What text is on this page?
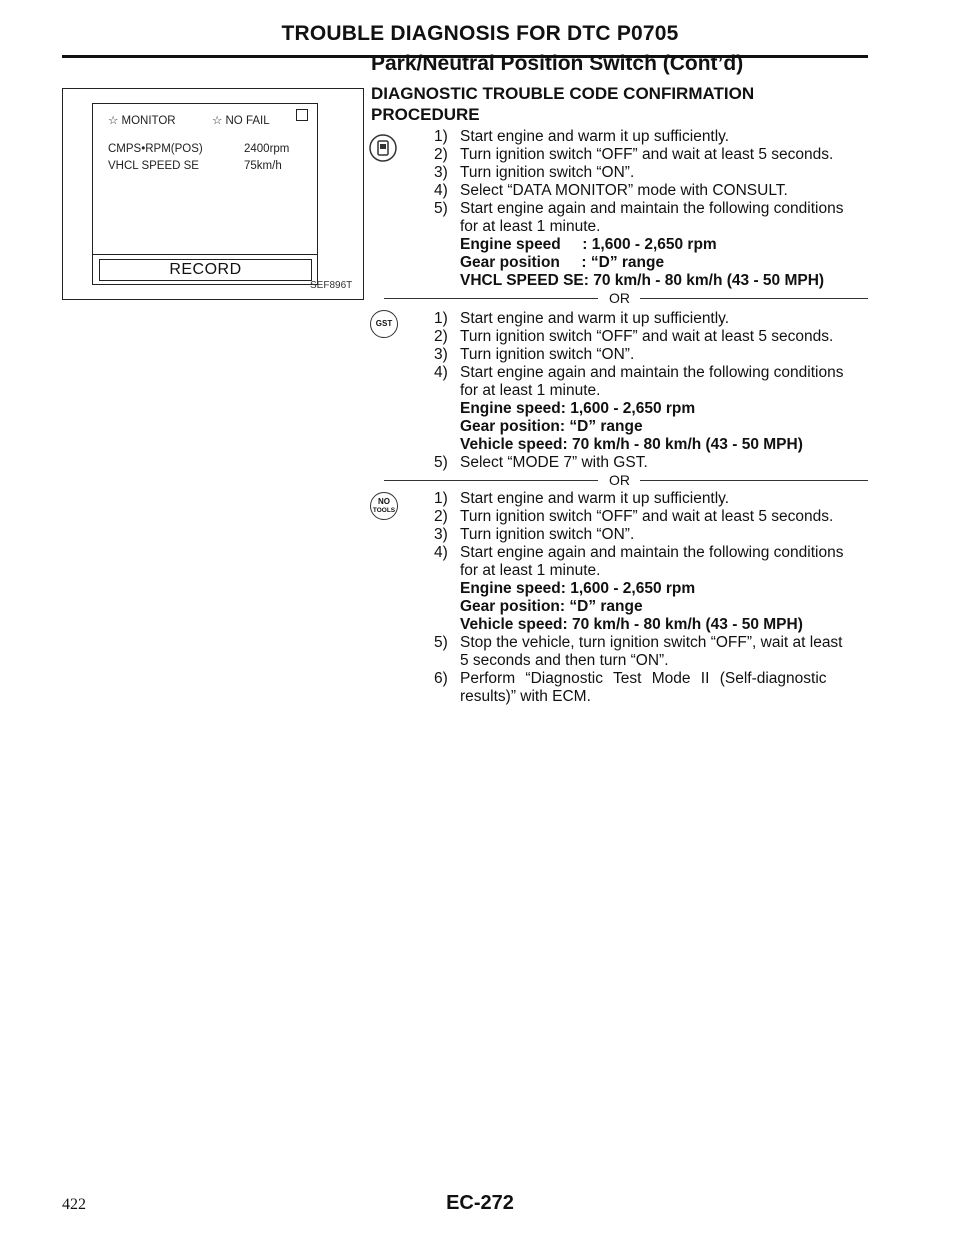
TROUBLE DIAGNOSIS FOR DTC P0705
Park/Neutral Position Switch (Cont’d)
DIAGNOSTIC TROUBLE CODE CONFIRMATION PROCEDURE
☆ MONITOR	☆ NO FAIL
CMPS•RPM(POS)	2400rpm
VHCL SPEED SE	75km/h
RECORD
SEF896T
1) Start engine and warm it up sufficiently.
2) Turn ignition switch “OFF” and wait at least 5 seconds.
3) Turn ignition switch “ON”.
4) Select “DATA MONITOR” mode with CONSULT.
5) Start engine again and maintain the following conditions
for at least 1 minute.
Engine speed     : 1,600 - 2,650 rpm
Gear position     : “D” range
VHCL SPEED SE: 70 km/h - 80 km/h (43 - 50 MPH)
OR
GST	1) Start engine and warm it up sufficiently.
2) Turn ignition switch “OFF” and wait at least 5 seconds.
3) Turn ignition switch “ON”.
4) Start engine again and maintain the following conditions
for at least 1 minute.
Engine speed: 1,600 - 2,650 rpm
Gear position: “D” range
Vehicle speed: 70 km/h - 80 km/h (43 - 50 MPH)
5) Select “MODE 7” with GST.
OR
NO
TOOLS
1) Start engine and warm it up sufficiently.
2) Turn ignition switch “OFF” and wait at least 5 seconds.
3) Turn ignition switch “ON”.
4) Start engine again and maintain the following conditions
for at least 1 minute.
Engine speed: 1,600 - 2,650 rpm
Gear position: “D” range
Vehicle speed: 70 km/h - 80 km/h (43 - 50 MPH)
5) Stop the vehicle, turn ignition switch “OFF”, wait at least
5 seconds and then turn “ON”.
6) Perform “Diagnostic Test Mode II (Self-diagnostic
results)” with ECM.
422	EC-272
